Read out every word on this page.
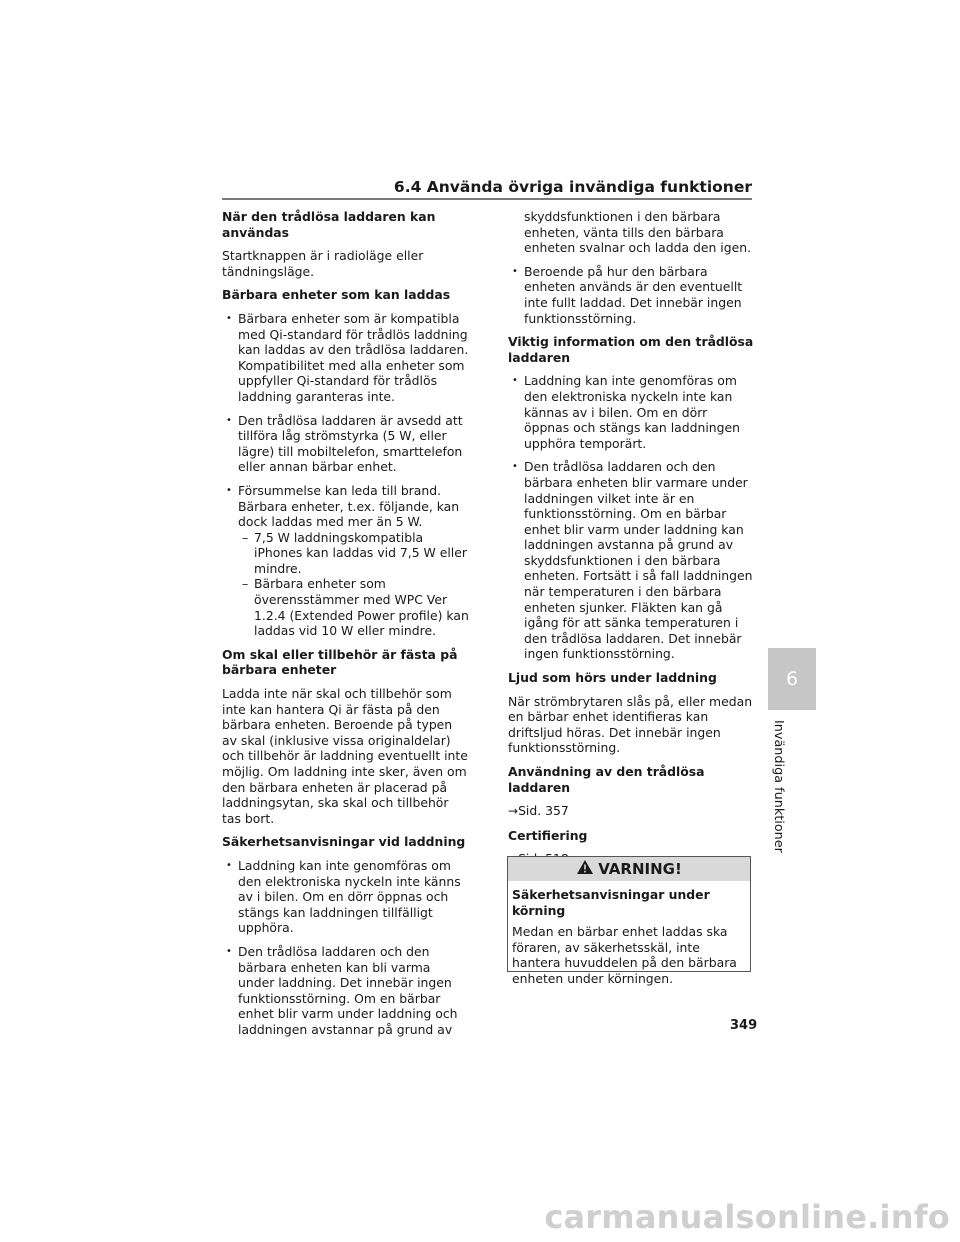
6.4 Använda övriga invändiga funktioner
När den trådlösa laddaren kan användas
Startknappen är i radioläge eller tändningsläge.
Bärbara enheter som kan laddas
• Bärbara enheter som är kompatibla med Qi-standard för trådlös laddning kan laddas av den trådlösa laddaren. Kompatibilitet med alla enheter som uppfyller Qi-standard för trådlös laddning garanteras inte.
• Den trådlösa laddaren är avsedd att tillföra låg strömstyrka (5 W, eller lägre) till mobiltelefon, smarttelefon eller annan bärbar enhet.
• Försummelse kan leda till brand. Bärbara enheter, t.ex. följande, kan dock laddas med mer än 5 W.
– 7,5 W laddningskompatibla iPhones kan laddas vid 7,5 W eller mindre.
– Bärbara enheter som överensstämmer med WPC Ver 1.2.4 (Extended Power profile) kan laddas vid 10 W eller mindre.
Om skal eller tillbehör är fästa på bärbara enheter
Ladda inte när skal och tillbehör som inte kan hantera Qi är fästa på den bärbara enheten. Beroende på typen av skal (inklusive vissa originaldelar) och tillbehör är laddning eventuellt inte möjlig. Om laddning inte sker, även om den bärbara enheten är placerad på laddningsytan, ska skal och tillbehör tas bort.
Säkerhetsanvisningar vid laddning
• Laddning kan inte genomföras om den elektroniska nyckeln inte känns av i bilen. Om en dörr öppnas och stängs kan laddningen tillfälligt upphöra.
• Den trådlösa laddaren och den bärbara enheten kan bli varma under laddning. Det innebär ingen funktionsstörning. Om en bärbar enhet blir varm under laddning och laddningen avstannar på grund av
skyddsfunktionen i den bärbara enheten, vänta tills den bärbara enheten svalnar och ladda den igen.
• Beroende på hur den bärbara enheten används är den eventuellt inte fullt laddad. Det innebär ingen funktionsstörning.
Viktig information om den trådlösa laddaren
• Laddning kan inte genomföras om den elektroniska nyckeln inte kan kännas av i bilen. Om en dörr öppnas och stängs kan laddningen upphöra temporärt.
• Den trådlösa laddaren och den bärbara enheten blir varmare under laddningen vilket inte är en funktionsstörning. Om en bärbar enhet blir varm under laddning kan laddningen avstanna på grund av skyddsfunktionen i den bärbara enheten. Fortsätt i så fall laddningen när temperaturen i den bärbara enheten sjunker. Fläkten kan gå igång för att sänka temperaturen i den trådlösa laddaren. Det innebär ingen funktionsstörning.
Ljud som hörs under laddning
När strömbrytaren slås på, eller medan en bärbar enhet identifieras kan driftsljud höras. Det innebär ingen funktionsstörning.
Användning av den trådlösa laddaren
→Sid. 357
Certifiering
VARNING!
Säkerhetsanvisningar under körning
Medan en bärbar enhet laddas ska föraren, av säkerhetsskäl, inte hantera huvuddelen på den bärbara enheten under körningen.
349
6
Invändiga funktioner
carmanualsonline.info
